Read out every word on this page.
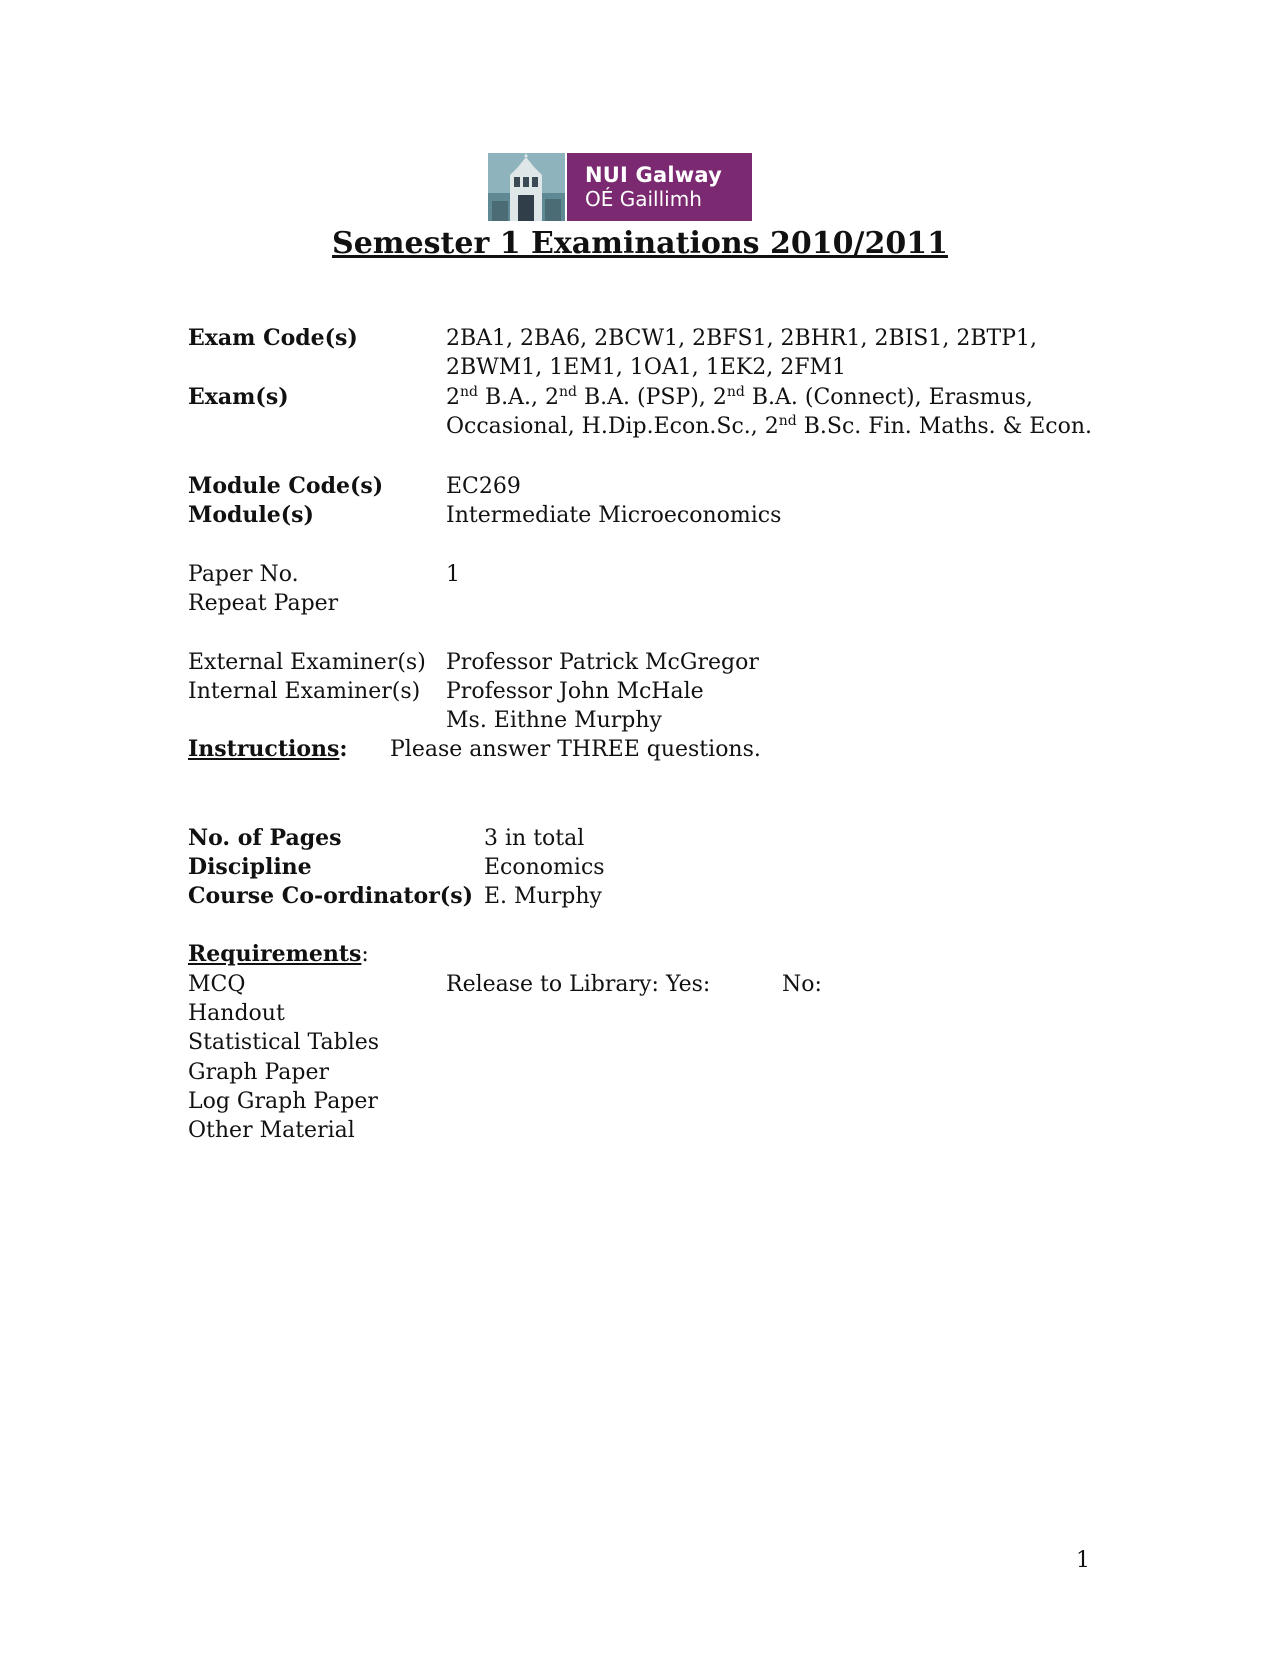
NUI Galway
OÉ Gaillimh
Semester 1 Examinations 2010/2011
Exam Code(s)	2BA1, 2BA6, 2BCW1, 2BFS1, 2BHR1, 2BIS1, 2BTP1,
2BWM1, 1EM1, 1OA1, 1EK2, 2FM1
Exam(s)	2nd B.A., 2nd B.A. (PSP), 2nd B.A. (Connect), Erasmus,
Occasional, H.Dip.Econ.Sc., 2nd B.Sc. Fin. Maths. & Econ.
Module Code(s)	EC269
Module(s)	Intermediate Microeconomics
Paper No.	1
Repeat Paper
External Examiner(s) Professor Patrick McGregor
Internal Examiner(s) Professor John McHale
Ms. Eithne Murphy
Instructions: Please answer THREE questions.
No. of Pages	3 in total
Discipline	Economics
Course Co-ordinator(s) E. Murphy
Requirements:
MCQ	Release to Library: Yes:	No:
Handout
Statistical Tables
Graph Paper
Log Graph Paper
Other Material
1
